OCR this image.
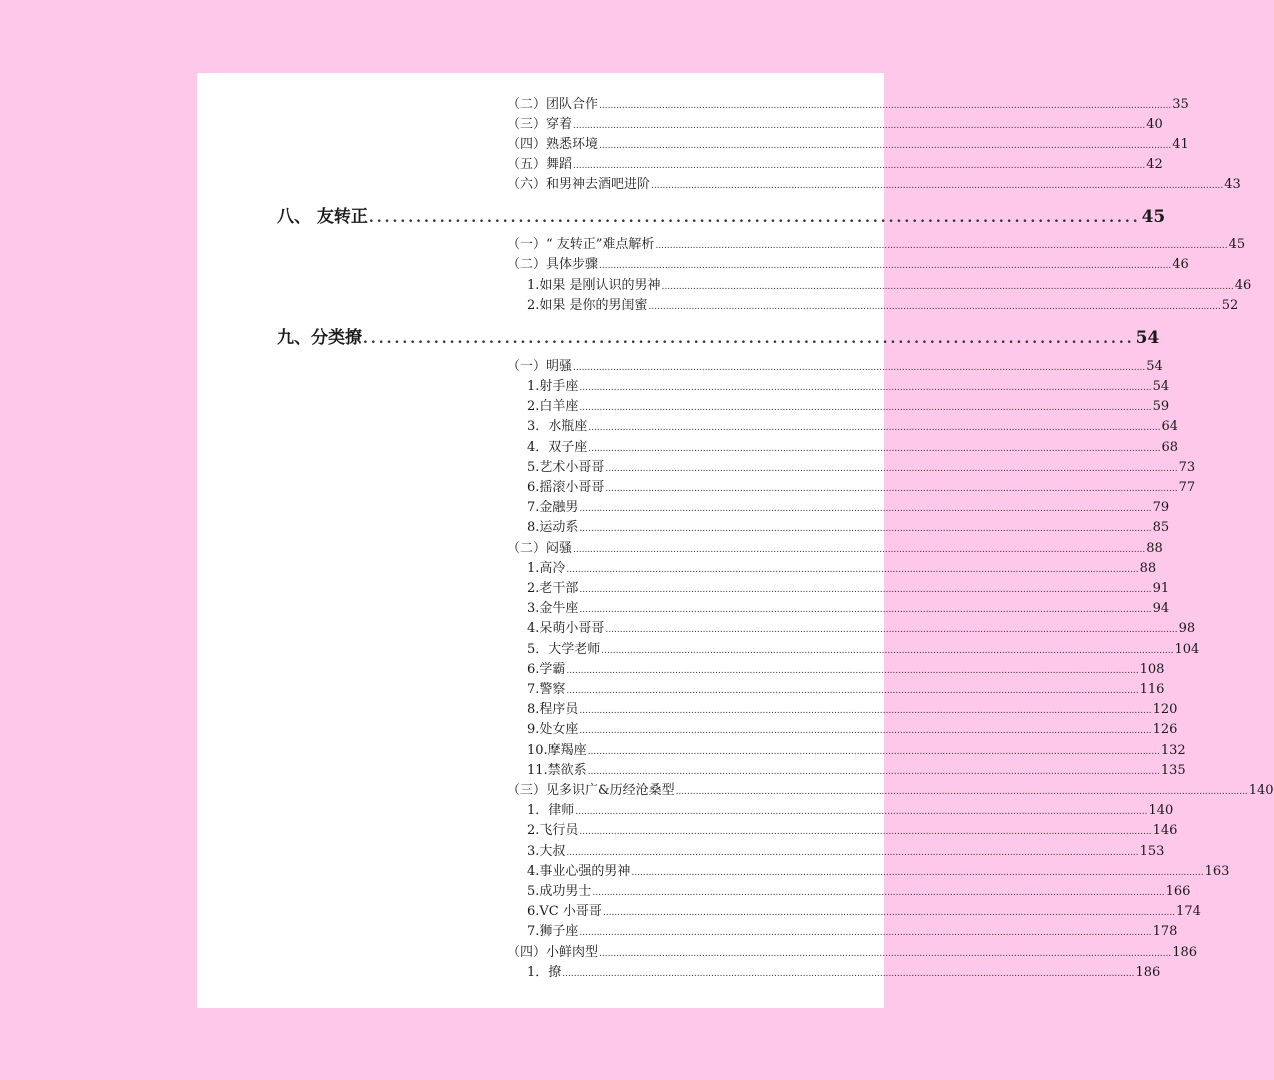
（二）团队合作 ........................................................................................................................................................................................................ 35
（三）穿着 ........................................................................................................................................................................................................ 40
（四）熟悉环境 ........................................................................................................................................................................................................ 41
（五）舞蹈 ........................................................................................................................................................................................................ 42
（六）和男神去酒吧进阶 ........................................................................................................................................................................................................ 43
八、 友转正 .................................................................................................. 45
（一）“ 友转正”难点解析 ........................................................................................................................................................................................................ 45
（二）具体步骤 ........................................................................................................................................................................................................ 46
1.如果 是刚认识的男神 ........................................................................................................................................................................................................ 46
2.如果 是你的男闺蜜 ........................................................................................................................................................................................................ 52
九、分类撩 .................................................................................................. 54
（一）明骚 ........................................................................................................................................................................................................ 54
1.射手座 ........................................................................................................................................................................................................ 54
2.白羊座 ........................................................................................................................................................................................................ 59
3．水瓶座 ........................................................................................................................................................................................................ 64
4．双子座 ........................................................................................................................................................................................................ 68
5.艺术小哥哥 ........................................................................................................................................................................................................ 73
6.摇滚小哥哥 ........................................................................................................................................................................................................ 77
7.金融男 ........................................................................................................................................................................................................ 79
8.运动系 ........................................................................................................................................................................................................ 85
（二）闷骚 ........................................................................................................................................................................................................ 88
1.高冷 ........................................................................................................................................................................................................ 88
2.老干部 ........................................................................................................................................................................................................ 91
3.金牛座 ........................................................................................................................................................................................................ 94
4.呆萌小哥哥 ........................................................................................................................................................................................................ 98
5．大学老师 ........................................................................................................................................................................................................ 104
6.学霸 ........................................................................................................................................................................................................ 108
7.警察 ........................................................................................................................................................................................................ 116
8.程序员 ........................................................................................................................................................................................................ 120
9.处女座 ........................................................................................................................................................................................................ 126
10.摩羯座 ........................................................................................................................................................................................................ 132
11.禁欲系 ........................................................................................................................................................................................................ 135
（三）见多识广&历经沧桑型 ........................................................................................................................................................................................................ 140
1．律师 ........................................................................................................................................................................................................ 140
2.飞行员 ........................................................................................................................................................................................................ 146
3.大叔 ........................................................................................................................................................................................................ 153
4.事业心强的男神 ........................................................................................................................................................................................................ 163
5.成功男士 ........................................................................................................................................................................................................ 166
6.VC 小哥哥 ........................................................................................................................................................................................................ 174
7.狮子座 ........................................................................................................................................................................................................ 178
（四）小鲜肉型 ........................................................................................................................................................................................................ 186
1．撩 ........................................................................................................................................................................................................ 186
